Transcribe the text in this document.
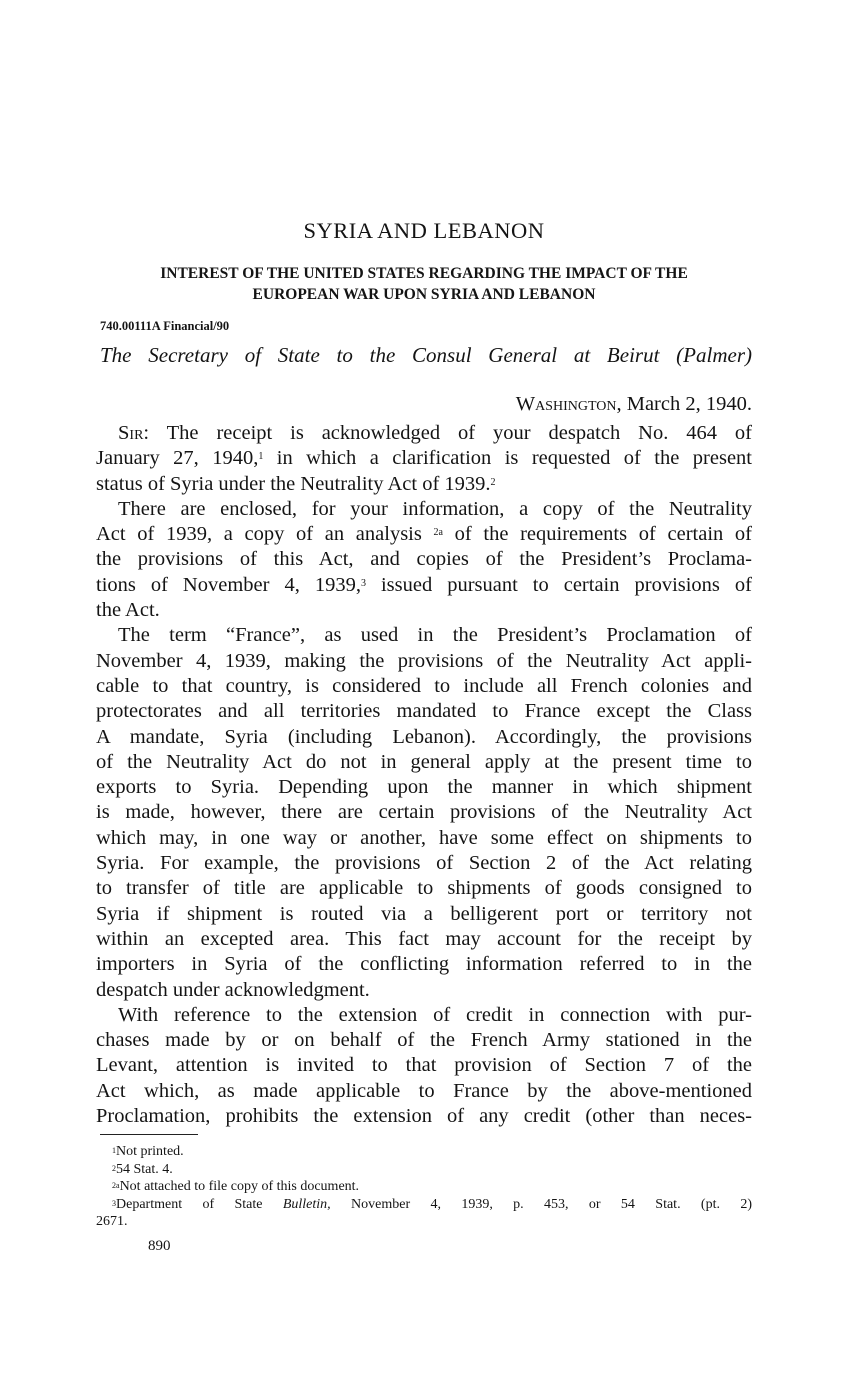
SYRIA AND LEBANON
INTEREST OF THE UNITED STATES REGARDING THE IMPACT OF THE
EUROPEAN WAR UPON SYRIA AND LEBANON
740.00111A Financial/90
The Secretary of State to the Consul General at Beirut (Palmer)
Washington, March 2, 1940.
Sir: The receipt is acknowledged of your despatch No. 464 of
January 27, 1940,$^1$ in which a clarification is requested of the present
status of Syria under the Neutrality Act of 1939.$^2$
There are enclosed, for your information, a copy of the Neutrality
Act of 1939, a copy of an analysis $^{2a}$ of the requirements of certain of
the provisions of this Act, and copies of the President’s Proclama-
tions of November 4, 1939,$^3$ issued pursuant to certain provisions of
the Act.
The term “France”, as used in the President’s Proclamation of
November 4, 1939, making the provisions of the Neutrality Act appli-
cable to that country, is considered to include all French colonies and
protectorates and all territories mandated to France except the Class
A mandate, Syria (including Lebanon). Accordingly, the provisions
of the Neutrality Act do not in general apply at the present time to
exports to Syria. Depending upon the manner in which shipment
is made, however, there are certain provisions of the Neutrality Act
which may, in one way or another, have some effect on shipments to
Syria. For example, the provisions of Section 2 of the Act relating
to transfer of title are applicable to shipments of goods consigned to
Syria if shipment is routed via a belligerent port or territory not
within an excepted area. This fact may account for the receipt by
importers in Syria of the conflicting information referred to in the
despatch under acknowledgment.
With reference to the extension of credit in connection with pur-
chases made by or on behalf of the French Army stationed in the
Levant, attention is invited to that provision of Section 7 of the
Act which, as made applicable to France by the above-mentioned
Proclamation, prohibits the extension of any credit (other than neces-
$^1$Not printed.
$^2$54 Stat. 4.
$^{2a}$Not attached to file copy of this document.
$^3$Department of State Bulletin, November 4, 1939, p. 453, or 54 Stat. (pt. 2)
2671.
890
